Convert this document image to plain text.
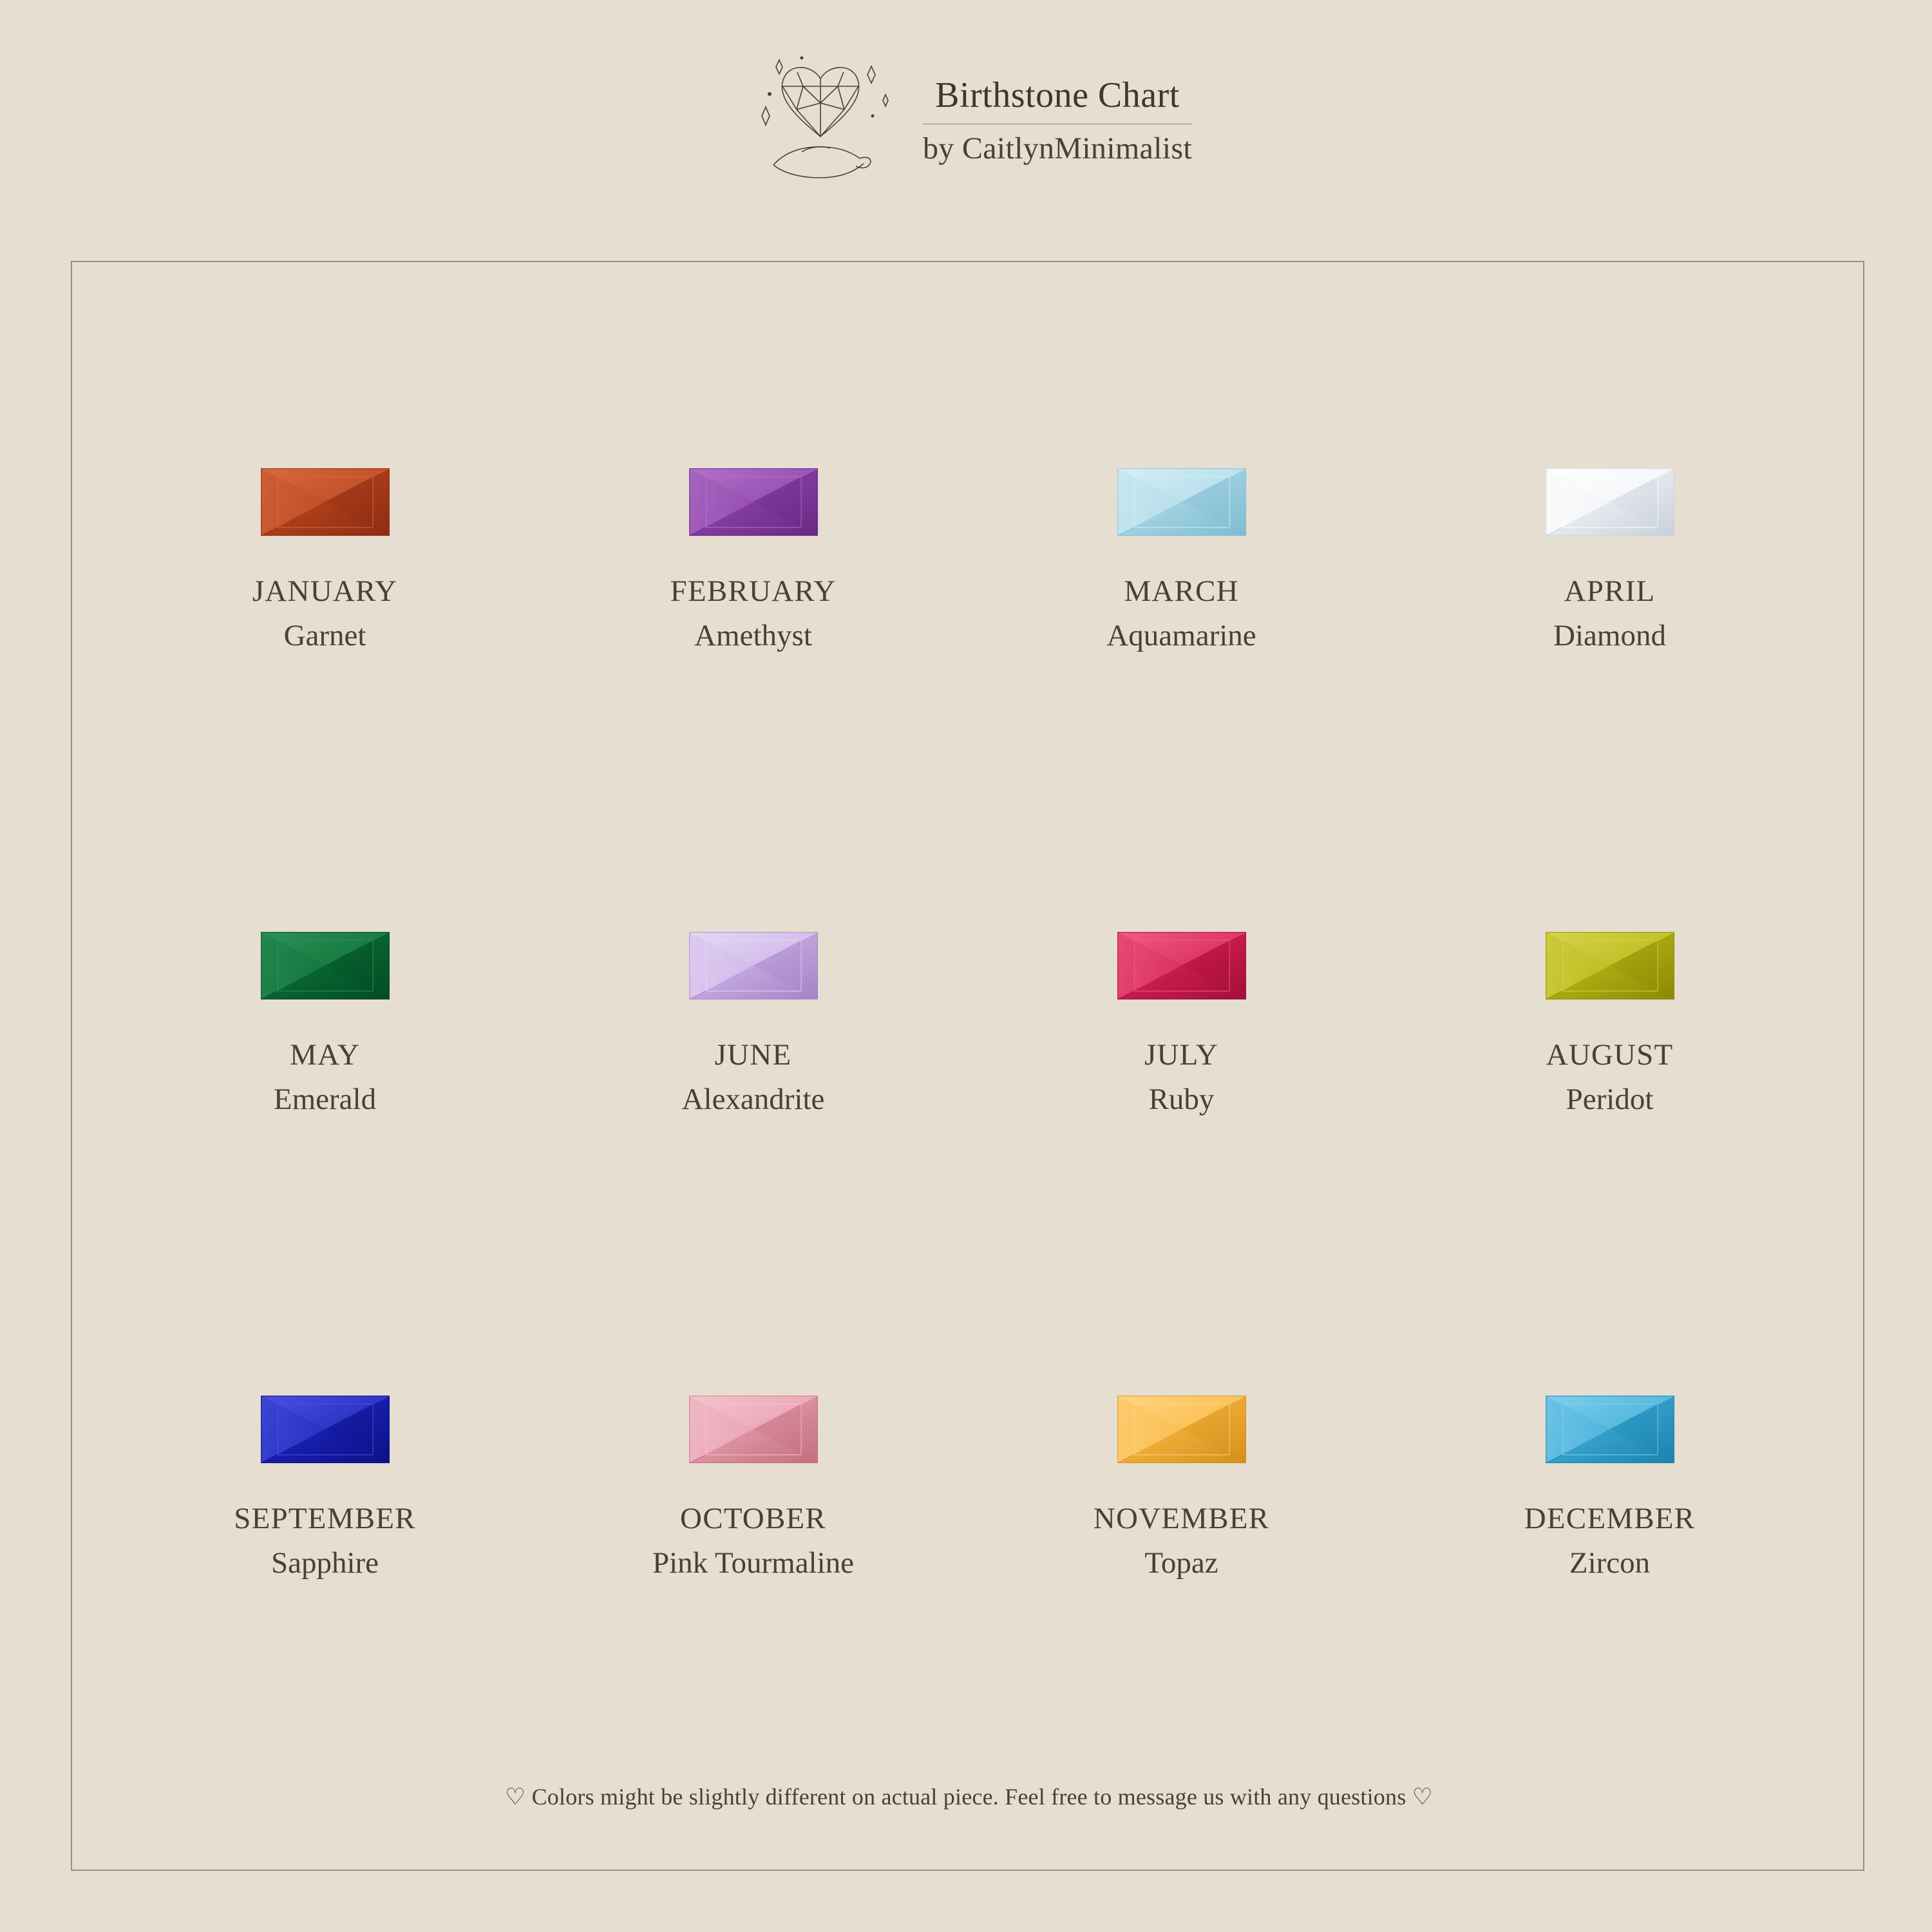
Birthstone Chart
by CaitlynMinimalist
JANUARY
Garnet
FEBRUARY
Amethyst
MARCH
Aquamarine
APRIL
Diamond
MAY
Emerald
JUNE
Alexandrite
JULY
Ruby
AUGUST
Peridot
SEPTEMBER
Sapphire
OCTOBER
Pink Tourmaline
NOVEMBER
Topaz
DECEMBER
Zircon
♡ Colors might be slightly different on actual piece. Feel free to message us with any questions ♡
